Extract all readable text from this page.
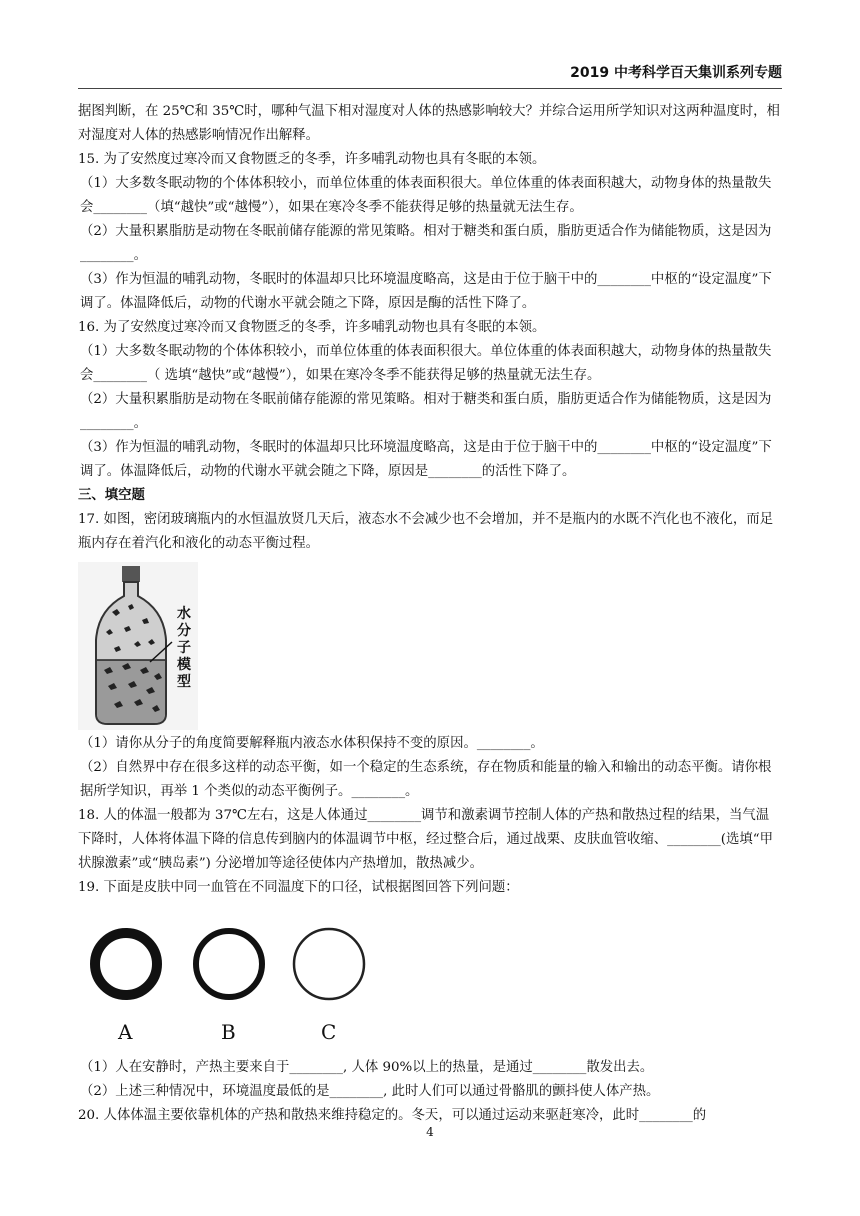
2019 中考科学百天集训系列专题

据图判断，在 25℃和 35℃时，哪种气温下相对湿度对人体的热感影响较大？并综合运用所学知识对这两种温度时，相对湿度对人体的热感影响情况作出解释。

15. 为了安然度过寒冷而又食物匮乏的冬季，许多哺乳动物也具有冬眠的本领。

（1）大多数冬眠动物的个体体积较小，而单位体重的体表面积很大。单位体重的体表面积越大，动物身体的热量散失会________（填“越快”或“越慢”），如果在寒冷冬季不能获得足够的热量就无法生存。

（2）大量积累脂肪是动物在冬眠前储存能源的常见策略。相对于糖类和蛋白质，脂肪更适合作为储能物质，这是因为________。

（3）作为恒温的哺乳动物，冬眠时的体温却只比环境温度略高，这是由于位于脑干中的________中枢的“设定温度”下调了。体温降低后，动物的代谢水平就会随之下降，原因是酶的活性下降了。

16. 为了安然度过寒冷而又食物匮乏的冬季，许多哺乳动物也具有冬眠的本领。

（1）大多数冬眠动物的个体体积较小，而单位体重的体表面积很大。单位体重的体表面积越大，动物身体的热量散失会________（ 选填“越快”或“越慢”），如果在寒冷冬季不能获得足够的热量就无法生存。

（2）大量积累脂肪是动物在冬眠前储存能源的常见策略。相对于糖类和蛋白质，脂肪更适合作为储能物质，这是因为________。

（3）作为恒温的哺乳动物，冬眠时的体温却只比环境温度略高，这是由于位于脑干中的________中枢的“设定温度”下调了。体温降低后，动物的代谢水平就会随之下降，原因是________的活性下降了。

三、填空题

17. 如图，密闭玻璃瓶内的水恒温放贤几天后，液态水不会减少也不会增加，并不是瓶内的水既不汽化也不液化，而足瓶内存在着汽化和液化的动态平衡过程。

水分子模型

（1）请你从分子的角度简要解释瓶内液态水体积保持不变的原因。________。

（2）自然界中存在很多这样的动态平衡，如一个稳定的生态系统，存在物质和能量的输入和输出的动态平衡。请你根据所学知识，再举 1 个类似的动态平衡例子。________。

18. 人的体温一般都为 37℃左右，这是人体通过________调节和激素调节控制人体的产热和散热过程的结果，当气温下降时，人体将体温下降的信息传到脑内的体温调节中枢，经过整合后，通过战栗、皮肤血管收缩、________(选填“甲状腺激素”或“胰岛素”) 分泌增加等途径使体内产热增加，散热减少。

19. 下面是皮肤中同一血管在不同温度下的口径，试根据图回答下列问题：

A	B	C

（1）人在安静时，产热主要来自于________, 人体 90%以上的热量，是通过________散发出去。

（2）上述三种情况中，环境温度最低的是________, 此时人们可以通过骨骼肌的颤抖使人体产热。

20. 人体体温主要依靠机体的产热和散热来维持稳定的。冬天，可以通过运动来驱赶寒冷，此时________的

4
